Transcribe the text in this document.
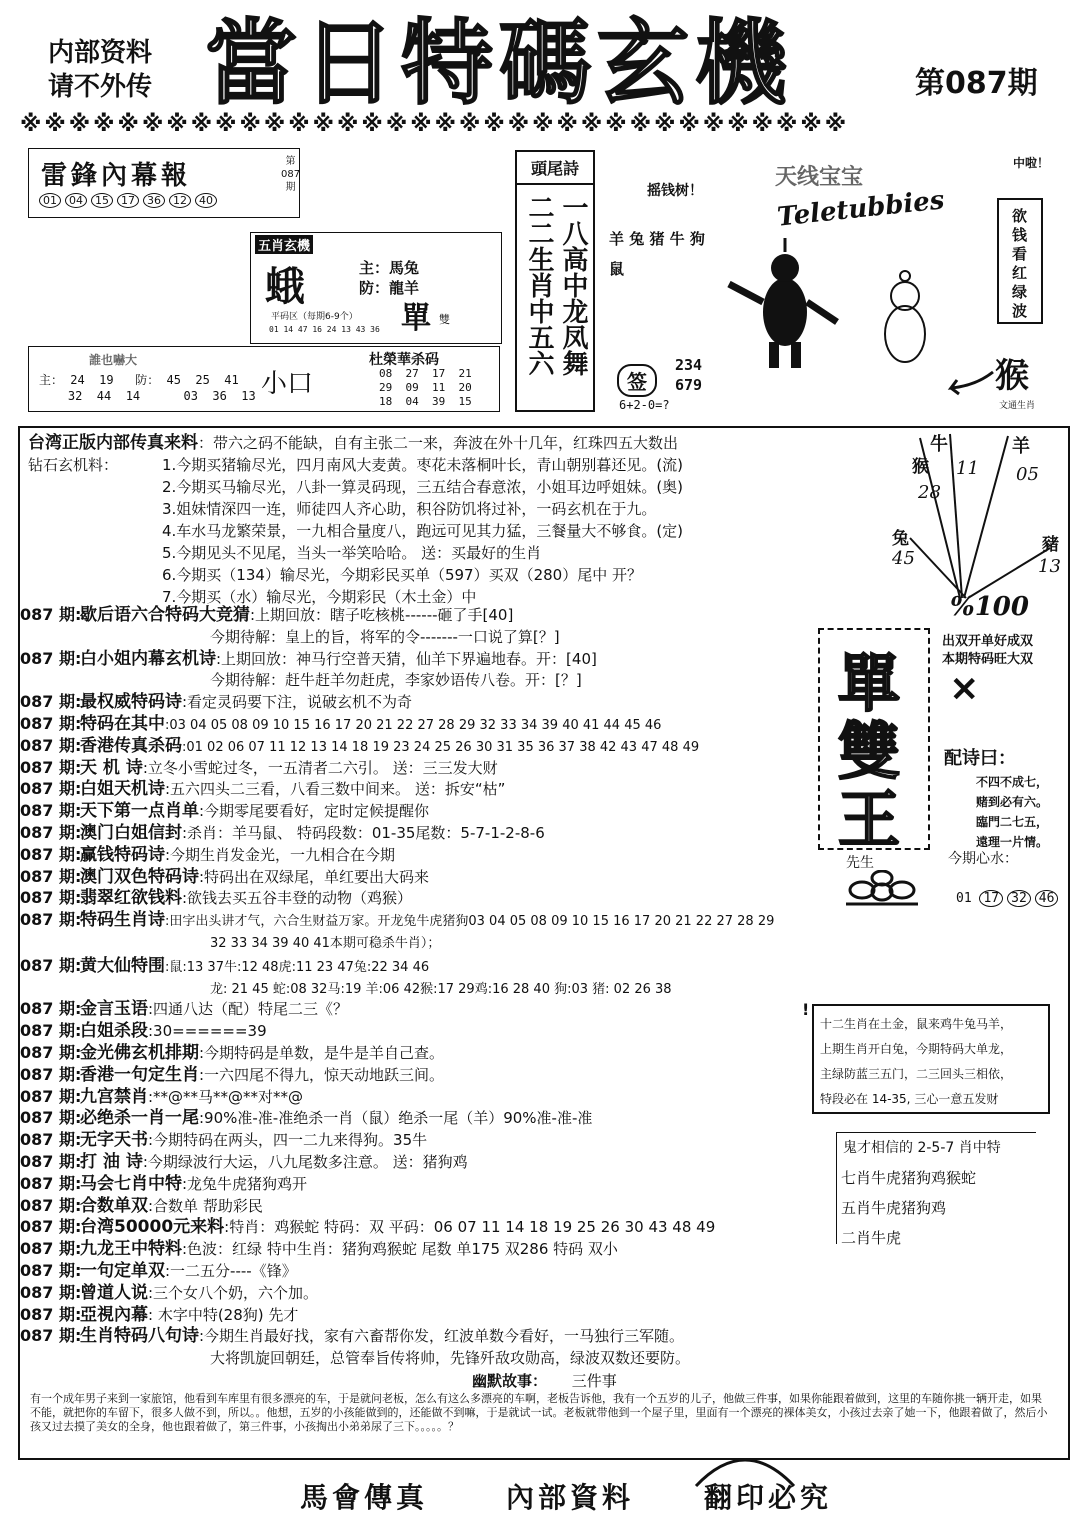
内部资料
请不外传 當日特碼玄機	第087期
※※※※※※※※※※※※※※※※※※※※※※※※※※※※※※※※※※
雷鋒內幕報	第
087
期
01 04 15 17 36 12 40
五肖玄機
蛾	主：馬兔
防：龍羊
平码区（每期6-9个）
01 14 47 16 24 13 43 36 單 雙
誰也嚇大
主： 24  19   防： 45  25  41
32  44  14      03  36  13 小口
杜榮華杀码
08  27  17  21
29  09  11  20
18  04  39  15
頭尾詩
一八高中龙凤舞
二二生肖中五六
摇钱树！
羊 兔 猪 牛 狗 鼠
天线宝宝
Teletubbies
中啦！
欲钱看红绿波
签
234
679
6+2-0=?
猴
文通生肖
台湾正版内部传真来料：带六之码不能缺，自有主张二一来，奔波在外十几年，红珠四五大数出
钻石玄机料：	1.今期买猪输尽光，四月南风大麦黄。枣花未落桐叶长，青山朝别暮还见。(流)
2.今期买马输尽光，八卦一算灵码现，三五结合春意浓，小姐耳边呼姐妹。(奥)
3.姐妹情深四一连，师徒四人齐心助，积谷防饥将过补，一码玄机在于九。
4.车水马龙繁荣景，一九相合量度八，跑远可见其力猛，三餐量大不够食。(定)
5.今期见头不见尾，当头一举笑哈哈。 送：买最好的生肖
6.今期买（134）输尽光，今期彩民买单（597）买双（280）尾中 开？
7.今期买（水）输尽光，今期彩民（木土金）中
087 期:歇后语六合特码大竞猜:上期回放：瞎子吃核桃------砸了手[40]
今期待解：皇上的旨，将军的令-------一口说了算[？]
087 期:白小姐内幕玄机诗:上期回放：神马行空普天猜，仙羊下界遍地春。开：[40]
今期待解：赶牛赶羊勿赶虎，李家妙语传八卷。开：[？]
087 期:最权威特码诗:看定灵码要下注，说破玄机不为奇
087 期:特码在其中:03 04 05 08 09 10 15 16 17 20 21 22 27 28 29 32 33 34 39 40 41 44 45 46
087 期:香港传真杀码:01 02 06 07 11 12 13 14 18 19 23 24 25 26 30 31 35 36 37 38 42 43 47 48 49
087 期:天 机 诗:立冬小雪蛇过冬，一五清者二六引。 送：三三发大财
087 期:白姐天机诗:五六四头二三看，八看三数中间来。 送：拆安“枯”
087 期:天下第一点肖单:今期零尾要看好，定时定候提醒你
087 期:澳门白姐信封:杀肖：羊马鼠、 特码段数：01-35尾数：5-7-1-2-8-6
087 期:赢钱特码诗:今期生肖发金光，一九相合在今期
087 期:澳门双色特码诗:特码出在双绿尾，单红要出大码来
087 期:翡翠红欲钱料:欲钱去买五谷丰登的动物（鸡猴）
087 期:特码生肖诗:田字出头讲才气，六合生财益万家。开龙兔牛虎猪狗03 04 05 08 09 10 15 16 17 20 21 22 27 28 29
32 33 34 39 40 41本期可稳杀牛肖）；
087 期:黄大仙特围:鼠:13 37牛:12 48虎:11 23 47兔:22 34 46
龙: 21 45 蛇:08 32马:19 羊:06 42猴:17 29鸡:16 28 40 狗:03 猪: 02 26 38
087 期:金言玉语:四通八达（配）特尾二三《？
087 期:白姐杀段:30======39
087 期:金光佛玄机排期:今期特码是单数，是牛是羊自己查。
087 期:香港一句定生肖:一六四尾不得九，惊天动地跃三间。
087 期:九宫禁肖:**@**马**@**对**@
087 期:必绝杀一肖一尾:90%准-准-准绝杀一肖（鼠）绝杀一尾（羊）90%准-准-准
087 期:无字天书:今期特码在两头，四一二九来得狗。35牛
087 期:打 油 诗:今期绿波行大运，八九尾数多注意。 送：猪狗鸡
087 期:马会七肖中特:龙兔牛虎猪狗鸡开
087 期:合数单双:合数单 帮助彩民
087 期:台湾50000元来料:特肖：鸡猴蛇 特码：双 平码：06 07 11 14 18 19 25 26 30 43 48 49
087 期:九龙王中特料:色波：红绿 特中生肖：猪狗鸡猴蛇 尾数 单175 双286 特码 双小
087 期:一句定单双:一二五分----《锋》
087 期:曾道人说:三个女八个奶，六个加。
087 期:亞視內幕: 木字中特(28狗) 先才
087 期:生肖特码八句诗:今期生肖最好找，家有六畜帮你发，红波单数今看好，一马独行三军随。
大将凯旋回朝廷，总管奉旨传将帅，先锋歼敌攻勋高，绿波双数还要防。
牛	羊
猴
兔	豬
11 05
28
45	13
%100
單
雙
王
先生
出双开单好成双
本期特码旺大双
✕
配诗曰：
不四不成七，
赌到必有六。
臨門二七五，
遠理一片情。
今期心水：
01 17 32 46
十二生肖在土金，鼠来鸡牛兔马羊，
上期生肖开白兔，今期特码大单龙，
主绿防蓝三五门，二三回头三相依，
特段必在 14-35, 三心一意五发财
!
鬼才相信的 2-5-7 肖中特
七肖牛虎猪狗鸡猴蛇
五肖牛虎猪狗鸡
二肖牛虎
幽默故事： 三件事
有一个成年男子来到一家旅馆，他看到车库里有很多漂亮的车，于是就问老板，怎么有这么多漂亮的车啊，老板告诉他，我有一个五岁的儿子，他做三件事，如果你能跟着做到，这里的车随你挑一辆开走，如果不能，就把你的车留下，很多人做不到，所以。。他想，五岁的小孩能做到的，还能做不到嘛，于是就试一试。老板就带他到一个屋子里，里面有一个漂亮的裸体美女，小孩过去亲了她一下，他跟着做了，然后小孩又过去摸了美女的全身，他也跟着做了，第三件事，小孩掏出小弟弟尿了三下。。。。。？
馬會傳真	內部資料 翻印必究
